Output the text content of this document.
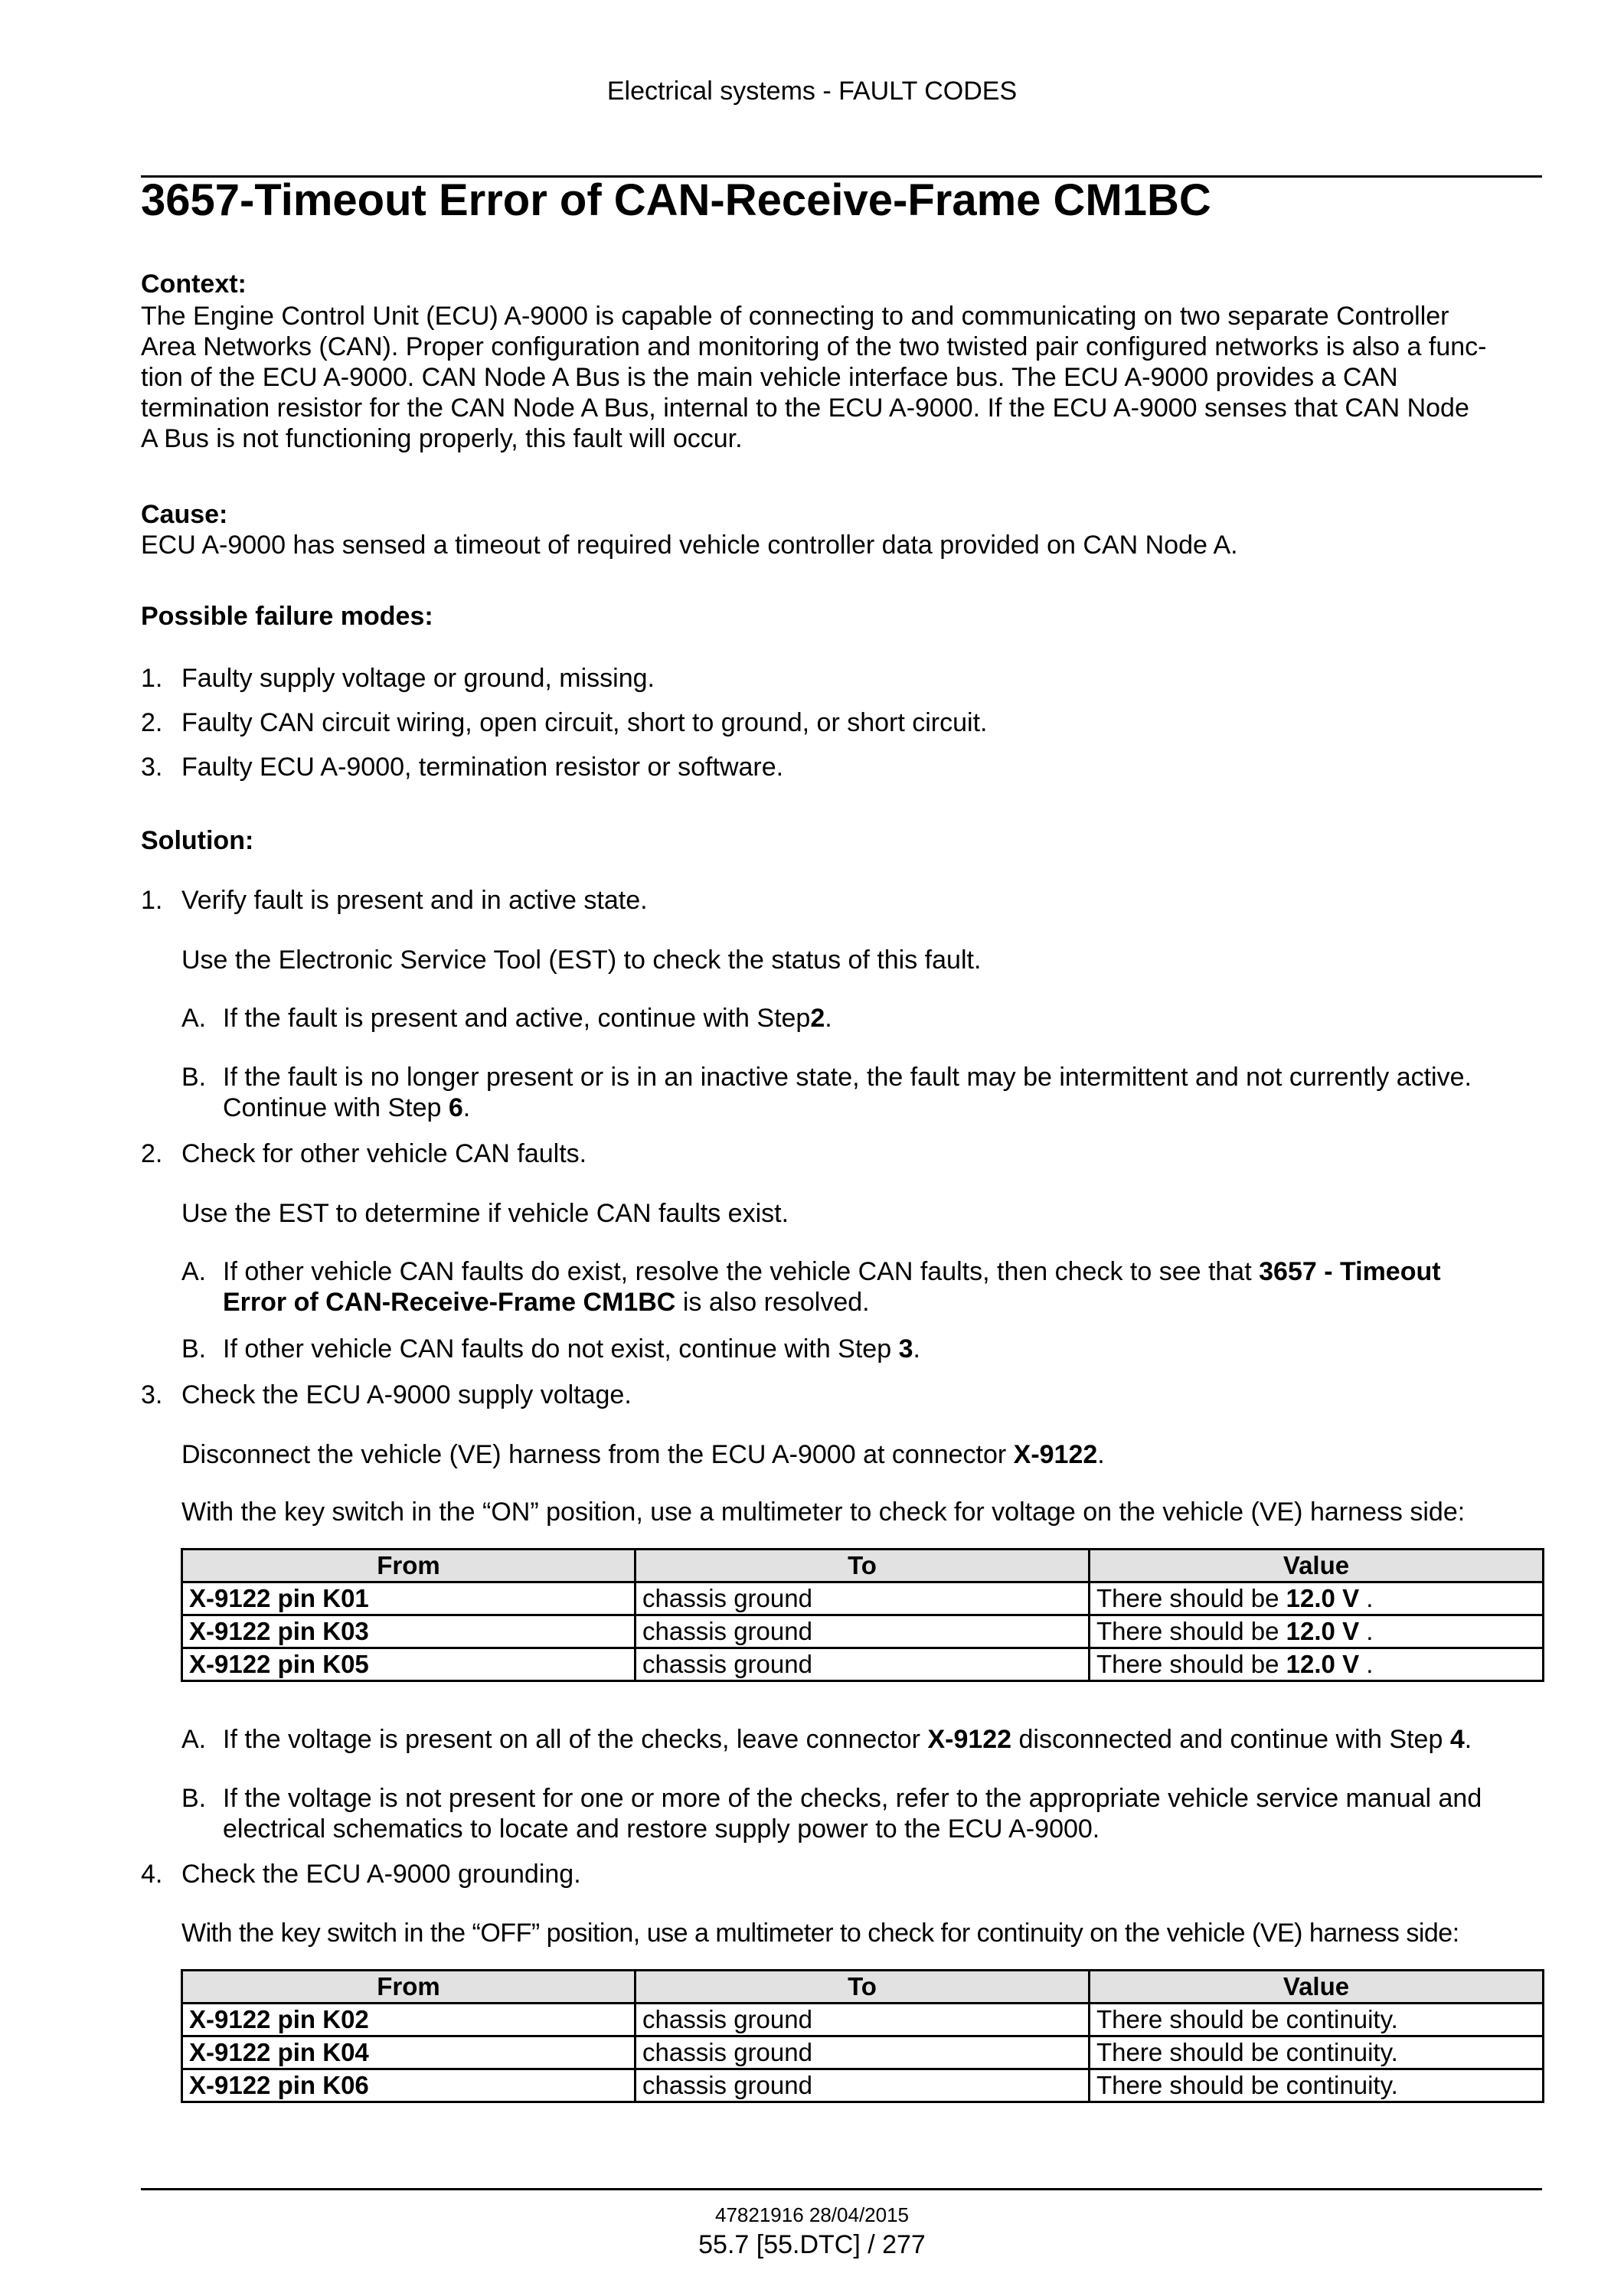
Electrical systems - FAULT CODES
3657-Timeout Error of CAN-Receive-Frame CM1BC
Context:
The Engine Control Unit (ECU) A-9000 is capable of connecting to and communicating on two separate Controller
Area Networks (CAN). Proper configuration and monitoring of the two twisted pair configured networks is also a func-
tion of the ECU A-9000. CAN Node A Bus is the main vehicle interface bus. The ECU A-9000 provides a CAN
termination resistor for the CAN Node A Bus, internal to the ECU A-9000. If the ECU A-9000 senses that CAN Node
A Bus is not functioning properly, this fault will occur.
Cause:
ECU A-9000 has sensed a timeout of required vehicle controller data provided on CAN Node A.
Possible failure modes:
1. Faulty supply voltage or ground, missing.
2. Faulty CAN circuit wiring, open circuit, short to ground, or short circuit.
3. Faulty ECU A-9000, termination resistor or software.
Solution:
1. Verify fault is present and in active state.
Use the Electronic Service Tool (EST) to check the status of this fault.
A. If the fault is present and active, continue with Step2.
B. If the fault is no longer present or is in an inactive state, the fault may be intermittent and not currently active.
Continue with Step 6.
2. Check for other vehicle CAN faults.
Use the EST to determine if vehicle CAN faults exist.
A. If other vehicle CAN faults do exist, resolve the vehicle CAN faults, then check to see that 3657 - Timeout
Error of CAN-Receive-Frame CM1BC is also resolved.
B. If other vehicle CAN faults do not exist, continue with Step 3.
3. Check the ECU A-9000 supply voltage.
Disconnect the vehicle (VE) harness from the ECU A-9000 at connector X-9122.
With the key switch in the “ON” position, use a multimeter to check for voltage on the vehicle (VE) harness side:
From	To	Value
X-9122 pin K01	chassis ground	There should be 12.0 V .
X-9122 pin K03	chassis ground	There should be 12.0 V .
X-9122 pin K05	chassis ground	There should be 12.0 V .
A. If the voltage is present on all of the checks, leave connector X-9122 disconnected and continue with Step 4.
B. If the voltage is not present for one or more of the checks, refer to the appropriate vehicle service manual and
electrical schematics to locate and restore supply power to the ECU A-9000.
4. Check the ECU A-9000 grounding.
With the key switch in the “OFF” position, use a multimeter to check for continuity on the vehicle (VE) harness side:
From	To	Value
X-9122 pin K02	chassis ground	There should be continuity.
X-9122 pin K04	chassis ground	There should be continuity.
X-9122 pin K06	chassis ground	There should be continuity.
47821916 28/04/2015
55.7 [55.DTC] / 277
